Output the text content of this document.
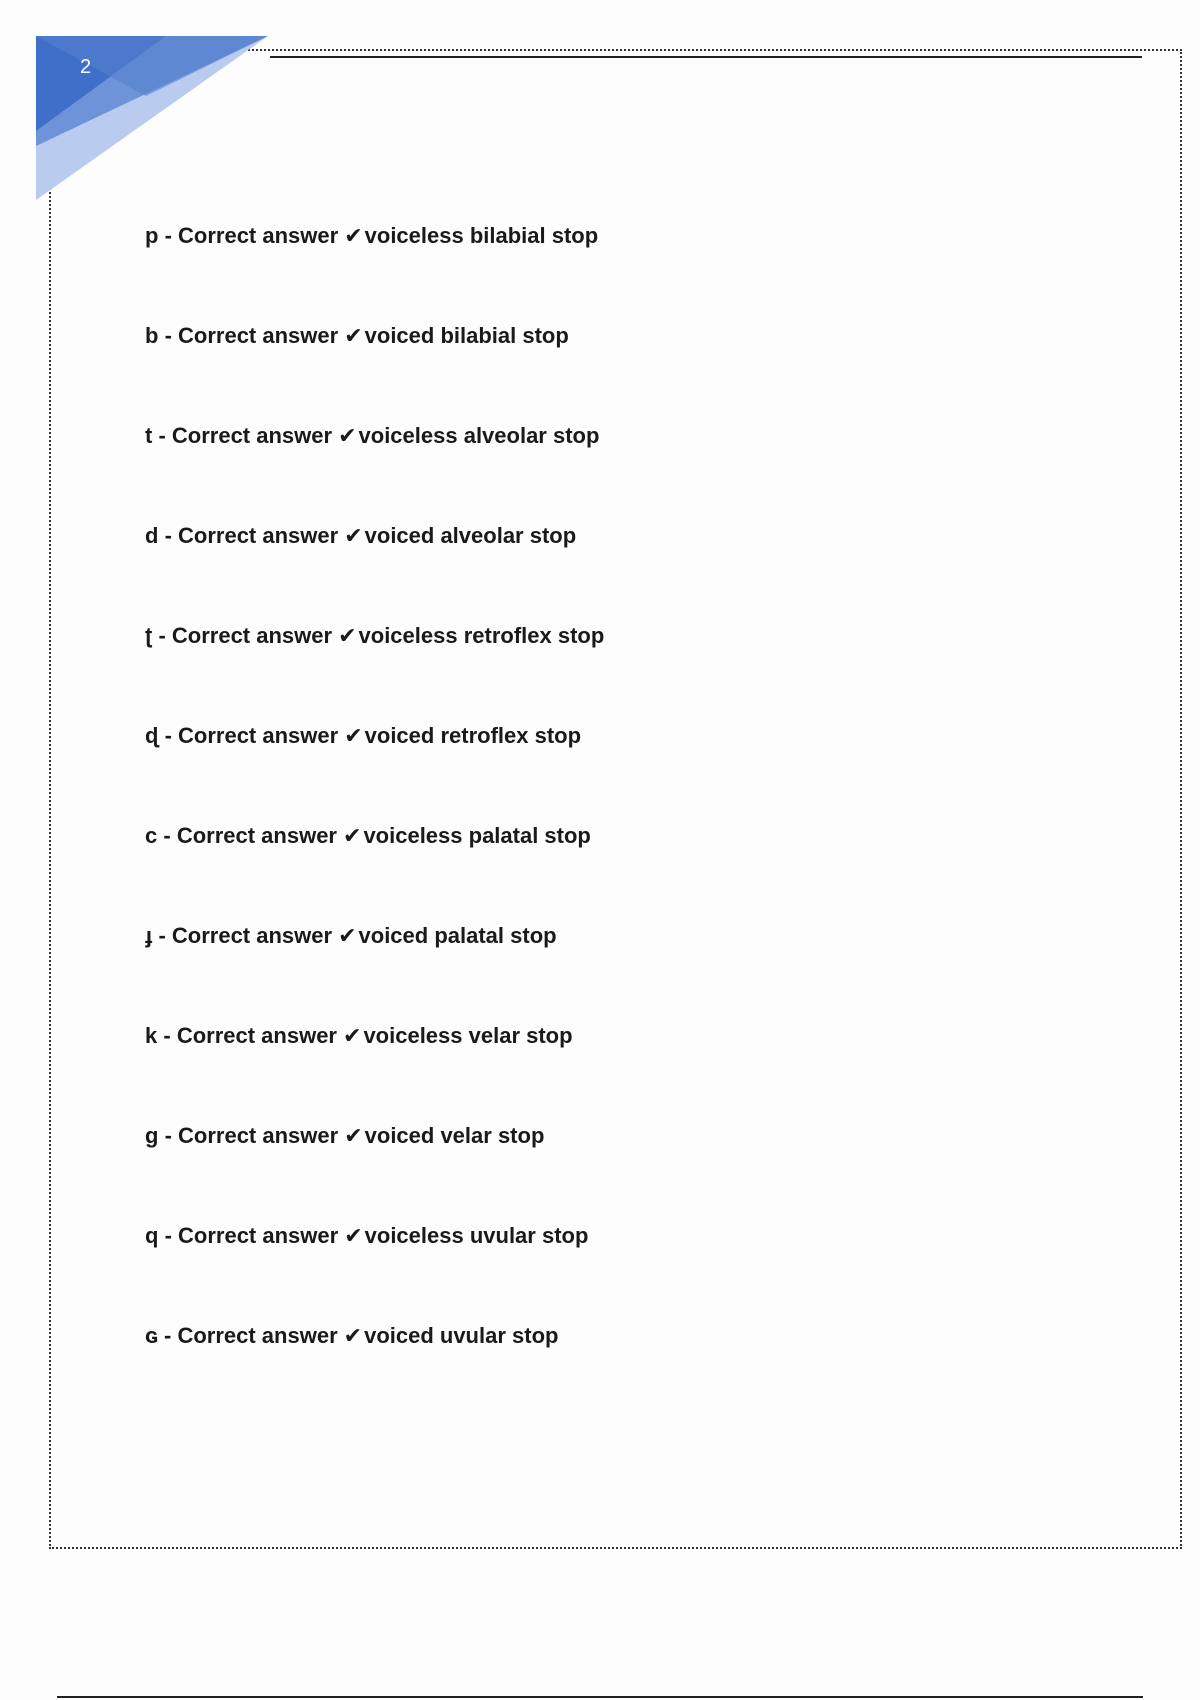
2
p - Correct answer ✔voiceless bilabial stop
b - Correct answer ✔voiced bilabial stop
t - Correct answer ✔voiceless alveolar stop
d - Correct answer ✔voiced alveolar stop
ʈ - Correct answer ✔voiceless retroflex stop
ɖ - Correct answer ✔voiced retroflex stop
c - Correct answer ✔voiceless palatal stop
ɟ - Correct answer ✔voiced palatal stop
k - Correct answer ✔voiceless velar stop
g - Correct answer ✔voiced velar stop
q - Correct answer ✔voiceless uvular stop
ɢ - Correct answer ✔voiced uvular stop
